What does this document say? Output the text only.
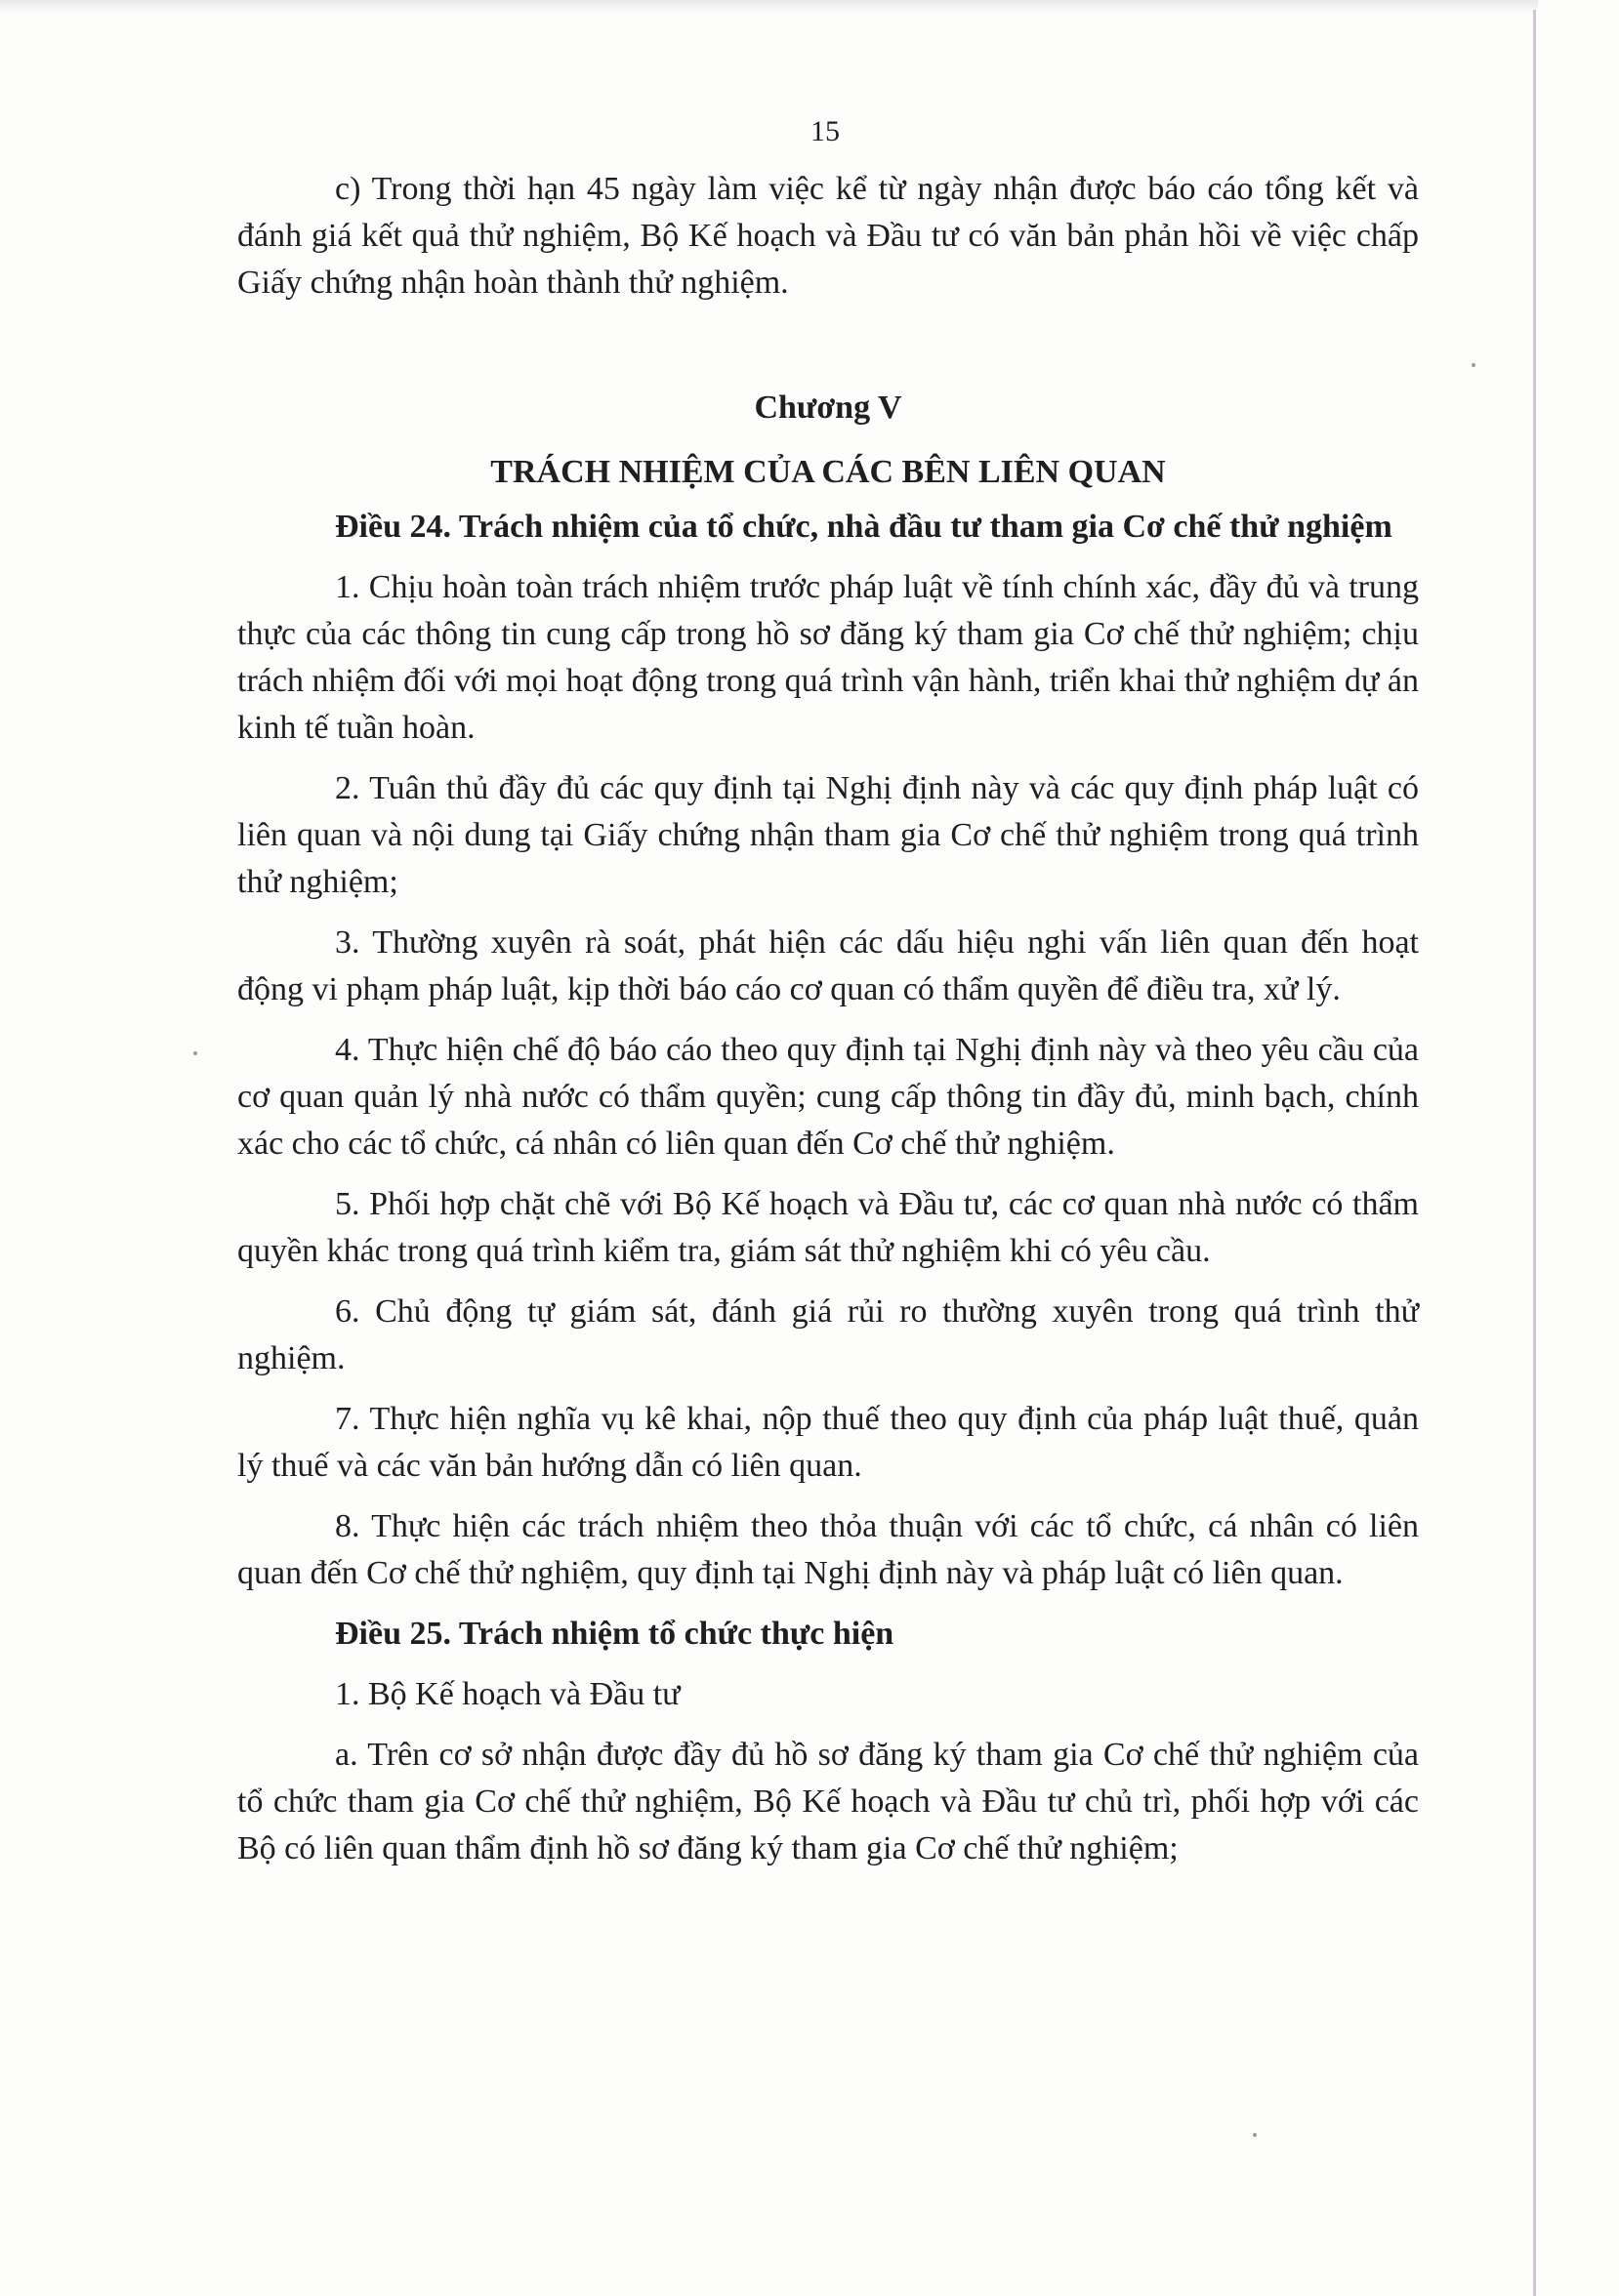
15

c) Trong thời hạn 45 ngày làm việc kể từ ngày nhận được báo cáo tổng kết và đánh giá kết quả thử nghiệm, Bộ Kế hoạch và Đầu tư có văn bản phản hồi về việc chấp Giấy chứng nhận hoàn thành thử nghiệm.

Chương V

TRÁCH NHIỆM CỦA CÁC BÊN LIÊN QUAN

Điều 24. Trách nhiệm của tổ chức, nhà đầu tư tham gia Cơ chế thử nghiệm

1. Chịu hoàn toàn trách nhiệm trước pháp luật về tính chính xác, đầy đủ và trung thực của các thông tin cung cấp trong hồ sơ đăng ký tham gia Cơ chế thử nghiệm; chịu trách nhiệm đối với mọi hoạt động trong quá trình vận hành, triển khai thử nghiệm dự án kinh tế tuần hoàn.

2. Tuân thủ đầy đủ các quy định tại Nghị định này và các quy định pháp luật có liên quan và nội dung tại Giấy chứng nhận tham gia Cơ chế thử nghiệm trong quá trình thử nghiệm;

3. Thường xuyên rà soát, phát hiện các dấu hiệu nghi vấn liên quan đến hoạt động vi phạm pháp luật, kịp thời báo cáo cơ quan có thẩm quyền để điều tra, xử lý.

4. Thực hiện chế độ báo cáo theo quy định tại Nghị định này và theo yêu cầu của cơ quan quản lý nhà nước có thẩm quyền; cung cấp thông tin đầy đủ, minh bạch, chính xác cho các tổ chức, cá nhân có liên quan đến Cơ chế thử nghiệm.

5. Phối hợp chặt chẽ với Bộ Kế hoạch và Đầu tư, các cơ quan nhà nước có thẩm quyền khác trong quá trình kiểm tra, giám sát thử nghiệm khi có yêu cầu.

6. Chủ động tự giám sát, đánh giá rủi ro thường xuyên trong quá trình thử nghiệm.

7. Thực hiện nghĩa vụ kê khai, nộp thuế theo quy định của pháp luật thuế, quản lý thuế và các văn bản hướng dẫn có liên quan.

8. Thực hiện các trách nhiệm theo thỏa thuận với các tổ chức, cá nhân có liên quan đến Cơ chế thử nghiệm, quy định tại Nghị định này và pháp luật có liên quan.

Điều 25. Trách nhiệm tổ chức thực hiện

1. Bộ Kế hoạch và Đầu tư

a. Trên cơ sở nhận được đầy đủ hồ sơ đăng ký tham gia Cơ chế thử nghiệm của tổ chức tham gia Cơ chế thử nghiệm, Bộ Kế hoạch và Đầu tư chủ trì, phối hợp với các Bộ có liên quan thẩm định hồ sơ đăng ký tham gia Cơ chế thử nghiệm;
